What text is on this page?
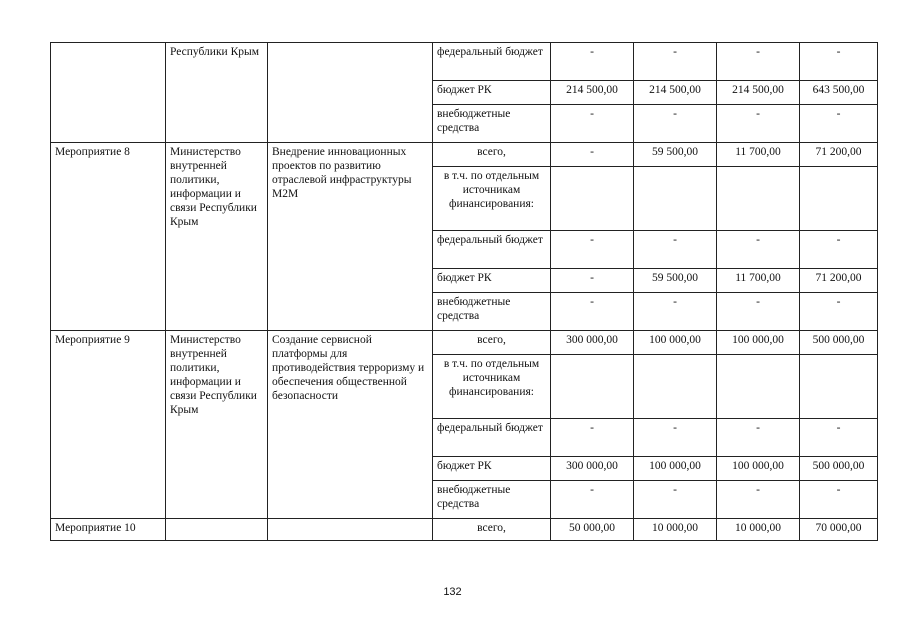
	Республики Крым		федеральный бюджет	-	-	-	-
			бюджет РК	214 500,00	214 500,00	214 500,00	643 500,00
			внебюджетные средства	-	-	-	-
Мероприятие 8	Министерство внутренней политики, информации и связи Республики Крым	Внедрение инновационных проектов по развитию отраслевой инфраструктуры M2M	всего,	-	59 500,00	11 700,00	71 200,00
			в т.ч. по отдельным источникам финансирования:				
			федеральный бюджет	-	-	-	-
			бюджет РК	-	59 500,00	11 700,00	71 200,00
			внебюджетные средства	-	-	-	-
Мероприятие 9	Министерство внутренней политики, информации и связи Республики Крым	Создание сервисной платформы для противодействия терроризму и обеспечения общественной безопасности	всего,	300 000,00	100 000,00	100 000,00	500 000,00
			в т.ч. по отдельным источникам финансирования:				
			федеральный бюджет	-	-	-	-
			бюджет РК	300 000,00	100 000,00	100 000,00	500 000,00
			внебюджетные средства	-	-	-	-
Мероприятие 10			всего,	50 000,00	10 000,00	10 000,00	70 000,00
132
